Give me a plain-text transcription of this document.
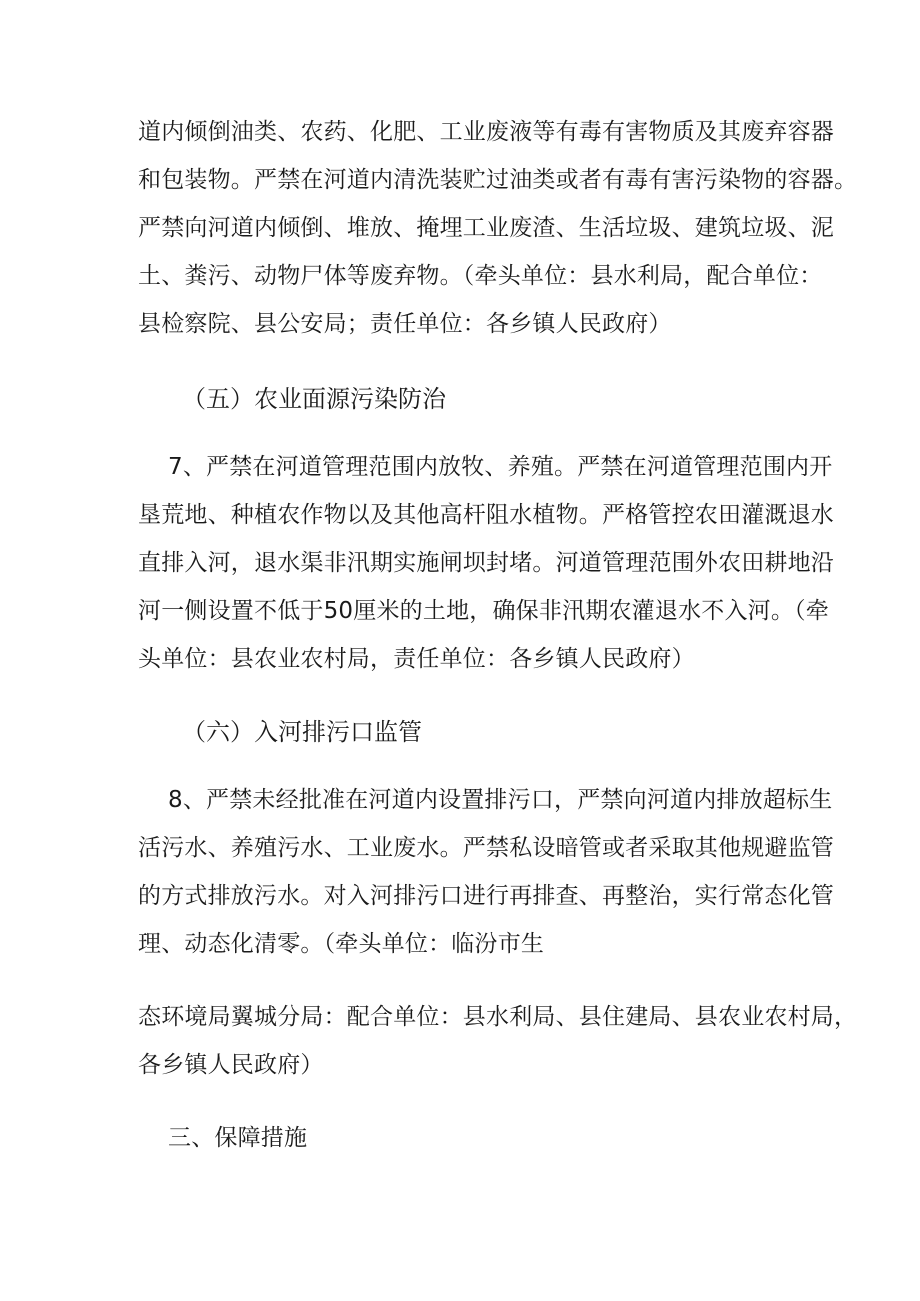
道内倾倒油类、农药、化肥、工业废液等有毒有害物质及其废弃容器
和包装物。严禁在河道内清洗装贮过油类或者有毒有害污染物的容器。
严禁向河道内倾倒、堆放、掩埋工业废渣、生活垃圾、建筑垃圾、泥
土、粪污、动物尸体等废弃物。（牵头单位：县水利局，配合单位：
县检察院、县公安局；责任单位：各乡镇人民政府）
（五）农业面源污染防治
7、严禁在河道管理范围内放牧、养殖。严禁在河道管理范围内开
垦荒地、种植农作物以及其他高杆阻水植物。严格管控农田灌溉退水
直排入河，退水渠非汛期实施闸坝封堵。河道管理范围外农田耕地沿
河一侧设置不低于50厘米的土地，确保非汛期农灌退水不入河。（牵
头单位：县农业农村局，责任单位：各乡镇人民政府）
（六）入河排污口监管
8、严禁未经批准在河道内设置排污口，严禁向河道内排放超标生
活污水、养殖污水、工业废水。严禁私设暗管或者采取其他规避监管
的方式排放污水。对入河排污口进行再排查、再整治，实行常态化管
理、动态化清零。（牵头单位：临汾市生
态环境局翼城分局：配合单位：县水利局、县住建局、县农业农村局，
各乡镇人民政府）
三、保障措施
